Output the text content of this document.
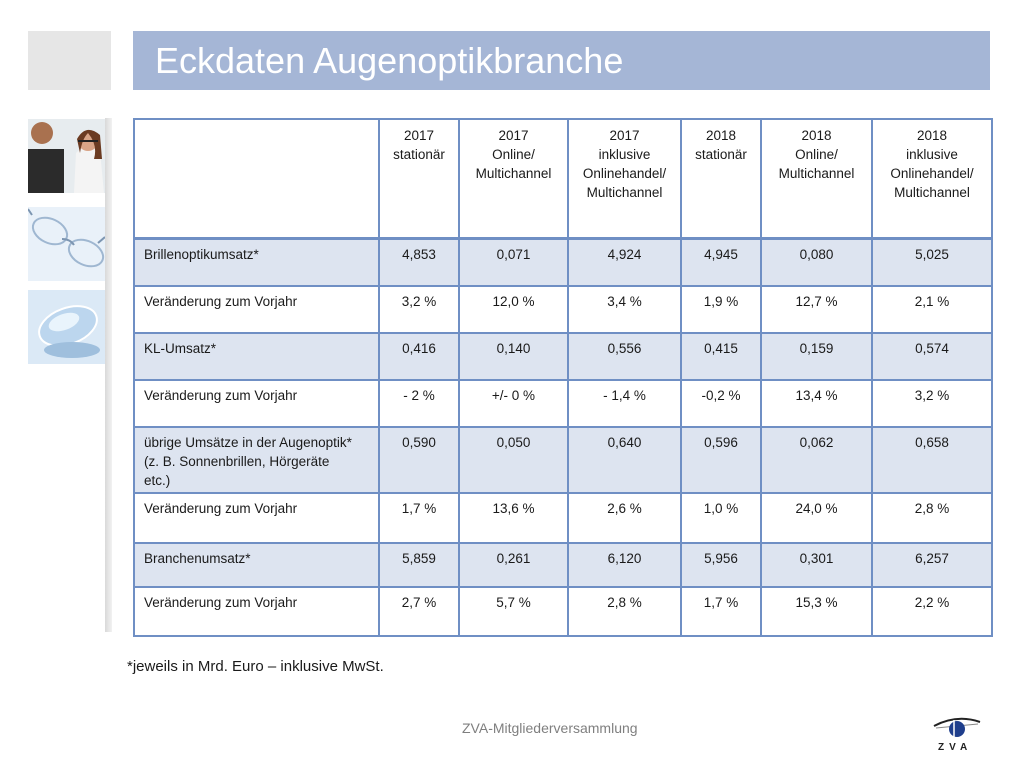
Eckdaten Augenoptikbranche

	2017
stationär	2017
Online/
Multichannel	2017
inklusive
Onlinehandel/
Multichannel	2018
stationär	2018
Online/
Multichannel	2018
inklusive
Onlinehandel/
Multichannel

Brillenoptikumsatz*	4,853	0,071	4,924	4,945	0,080	5,025

Veränderung zum Vorjahr	3,2 %	12,0 %	3,4 %	1,9 %	12,7 %	2,1 %

KL-Umsatz*	0,416	0,140	0,556	0,415	0,159	0,574

Veränderung zum Vorjahr	- 2 %	+/- 0 %	- 1,4 %	-0,2 %	13,4 %	3,2 %

übrige Umsätze in der Augenoptik*
(z. B. Sonnenbrillen, Hörgeräte
etc.)	0,590	0,050	0,640	0,596	0,062	0,658

Veränderung zum Vorjahr	1,7 %	13,6 %	2,6 %	1,0 %	24,0 %	2,8 %

Branchenumsatz*	5,859	0,261	6,120	5,956	0,301	6,257

Veränderung zum Vorjahr	2,7 %	5,7 %	2,8 %	1,7 %	15,3 %	2,2 %
*jeweils in Mrd. Euro – inklusive MwSt.
ZVA-Mitgliederversammlung
ZVA
